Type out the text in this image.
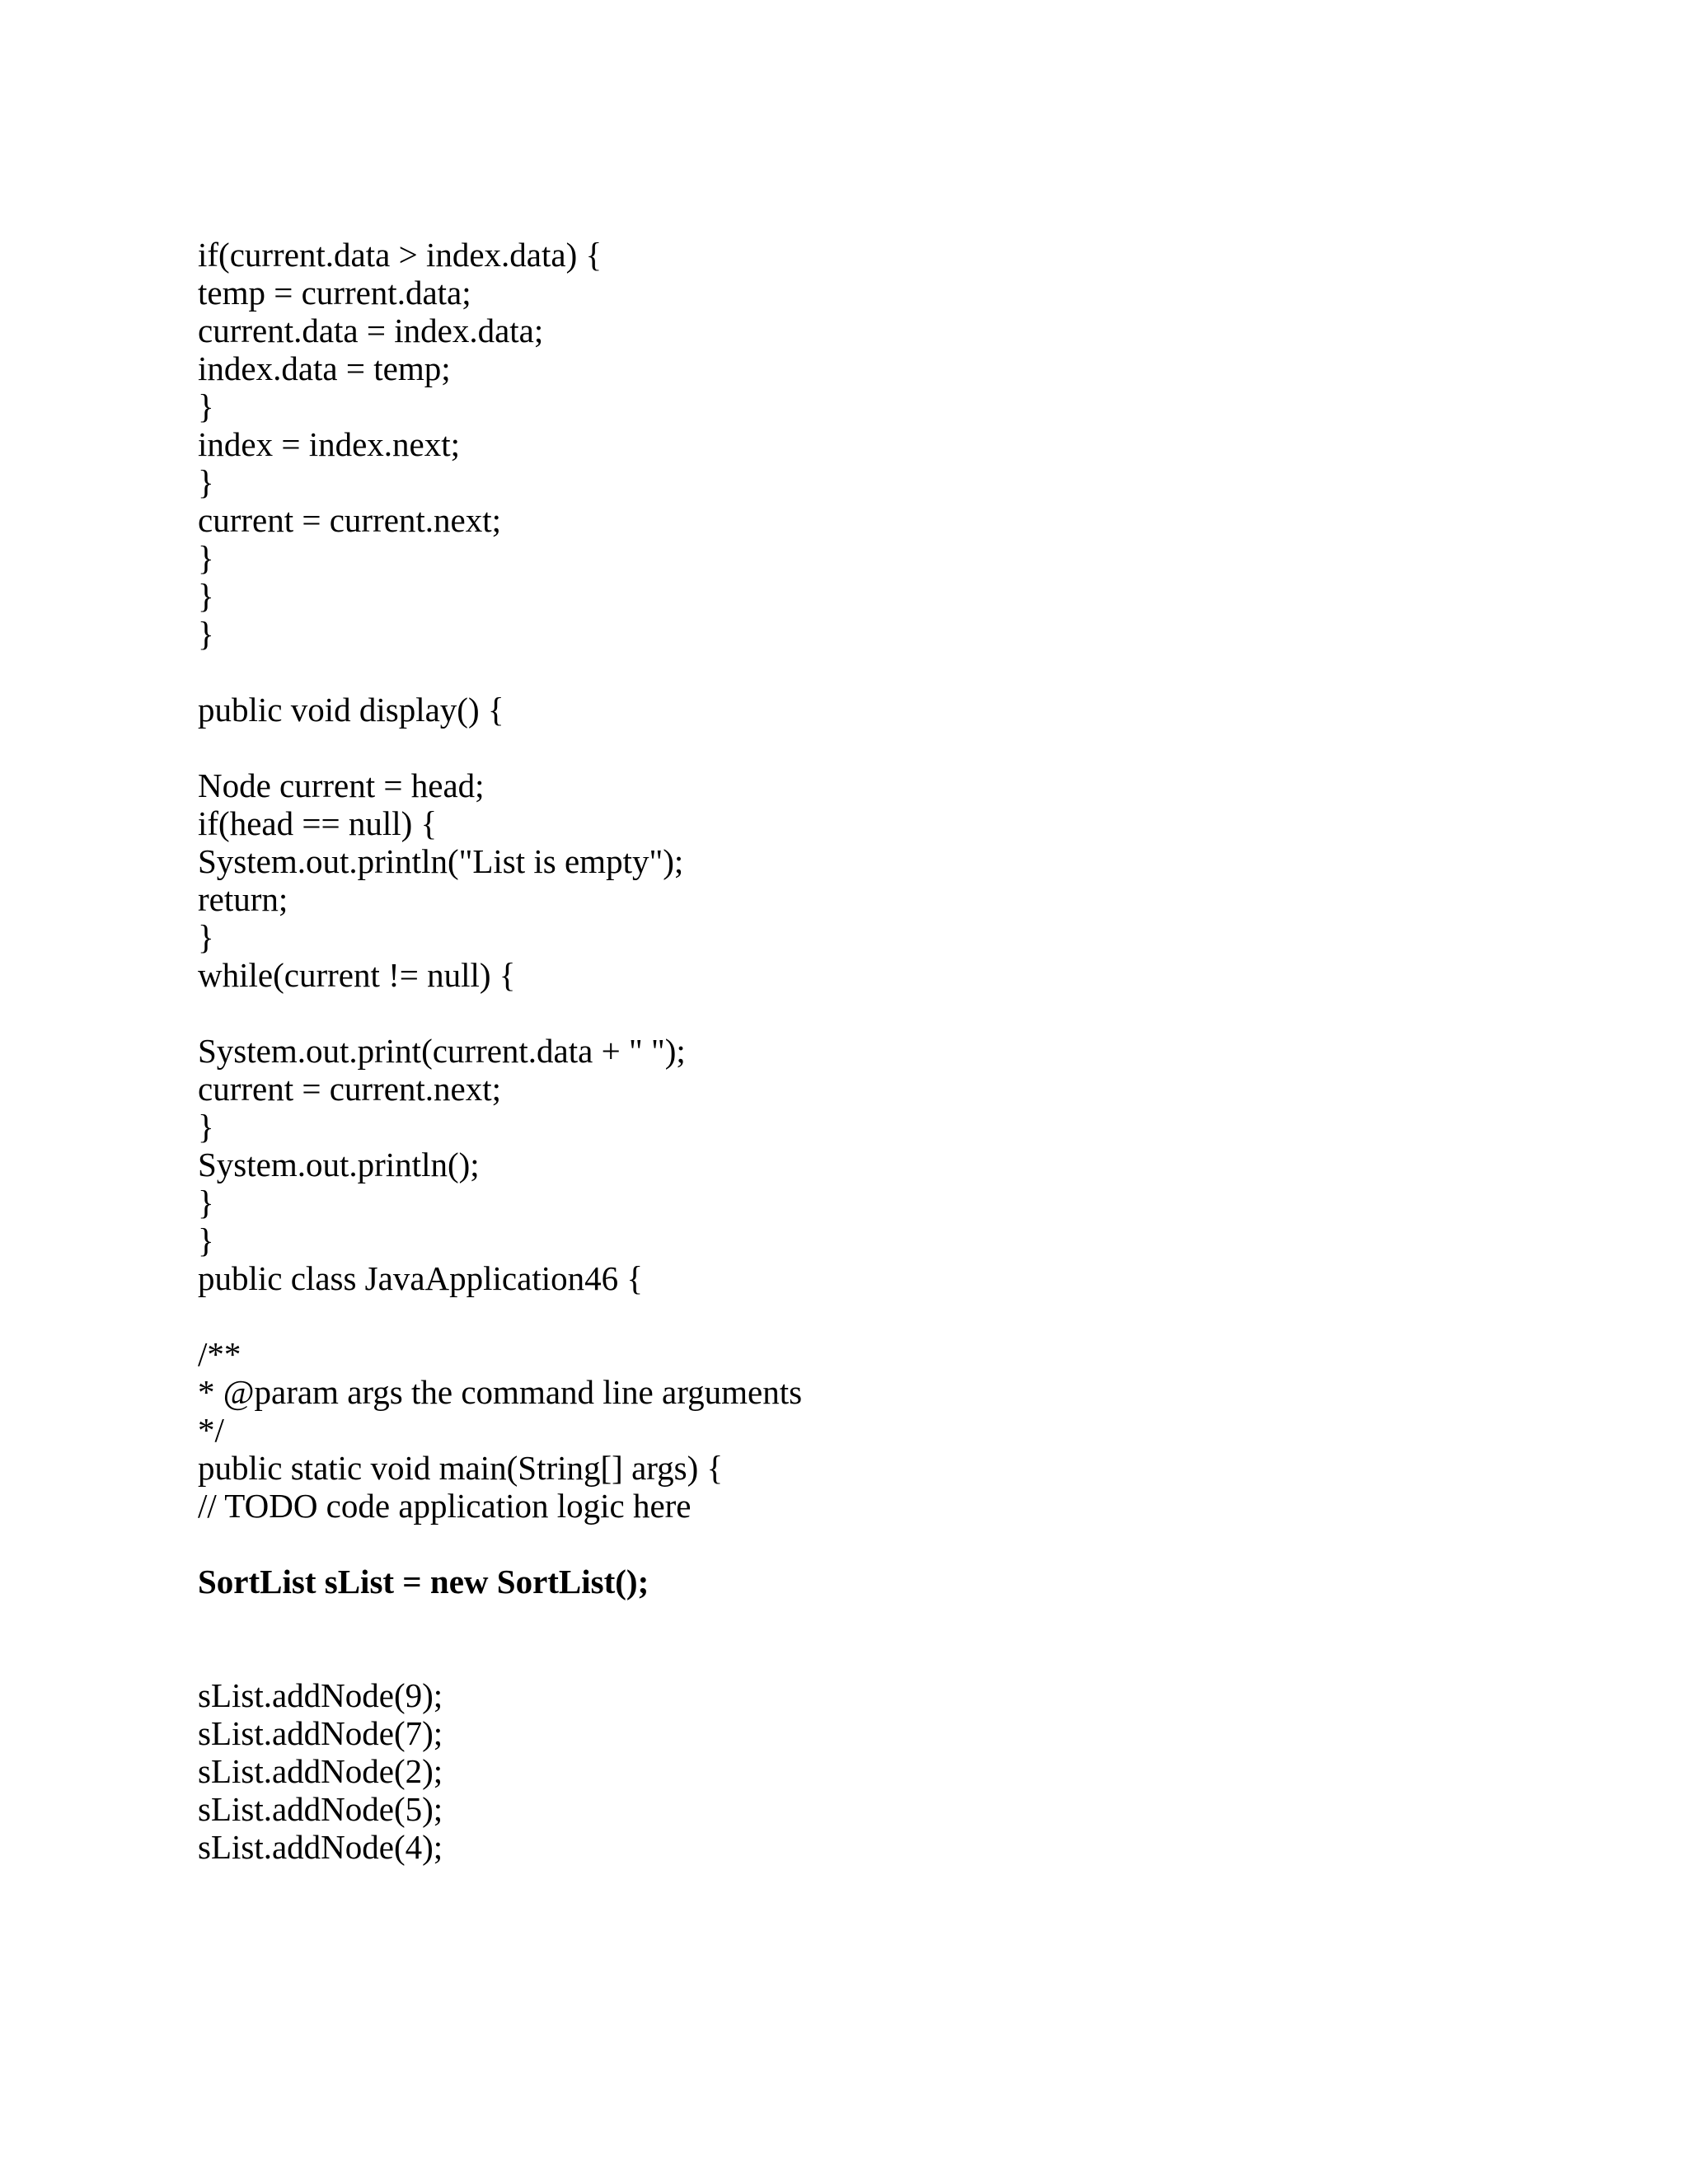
if(current.data > index.data) {
temp = current.data;
current.data = index.data;
index.data = temp;
}
index = index.next;
}
current = current.next;
}
}
}
public void display() {
Node current = head;
if(head == null) {
System.out.println("List is empty");
return;
}
while(current != null) {
System.out.print(current.data + " ");
current = current.next;
}
System.out.println();
}
}
public class JavaApplication46 {
/**
* @param args the command line arguments
*/
public static void main(String[] args) {
// TODO code application logic here
SortList sList = new SortList();
sList.addNode(9);
sList.addNode(7);
sList.addNode(2);
sList.addNode(5);
sList.addNode(4);
